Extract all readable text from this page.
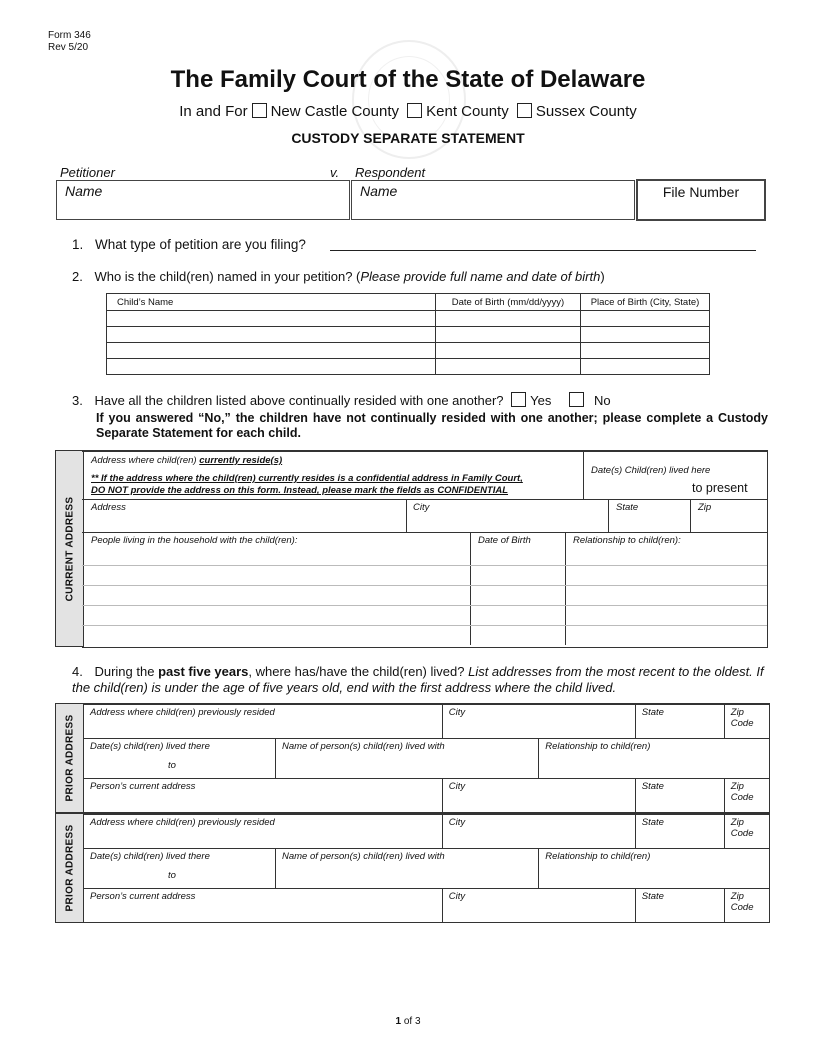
Form 346
Rev 5/20
The Family Court of the State of Delaware
In and For New Castle County Kent County Sussex County
CUSTODY SEPARATE STATEMENT
Petitioner	v. Respondent
Name	Name	File Number
1. What type of petition are you filing?
2. Who is the child(ren) named in your petition? (Please provide full name and date of birth)
Child’s Name	Date of Birth (mm/dd/yyyy)	Place of Birth (City, State)

3. Have all the children listed above continually resided with one another? Yes	No
If you answered “No,” the children have not continually resided with one another; please complete a Custody Separate Statement for each child.
CURRENT ADDRESS
Address where child(ren) currently reside(s)
** If the address where the child(ren) currently resides is a confidential address in Family Court,
DO NOT provide the address on this form. Instead, please mark the fields as CONFIDENTIAL
Date(s) Child(ren) lived here
to present
Address	City	State	Zip
People living in the household with the child(ren):	Date of Birth	Relationship to child(ren):
4. During the past five years, where has/have the child(ren) lived? List addresses from the most recent to the oldest. If the child(ren) is under the age of five years old, end with the first address where the child lived.
PRIOR ADDRESS
Address where child(ren) previously resided		City		State	Zip Code

Date(s) child(ren) lived there
to	Name of person(s) child(ren) lived with		Relationship to child(ren)		

Person’s current address		City		State	Zip Code
PRIOR ADDRESS
Address where child(ren) previously resided		City		State	Zip Code

Date(s) child(ren) lived there
to	Name of person(s) child(ren) lived with		Relationship to child(ren)		

Person’s current address		City		State	Zip Code
1 of 3
